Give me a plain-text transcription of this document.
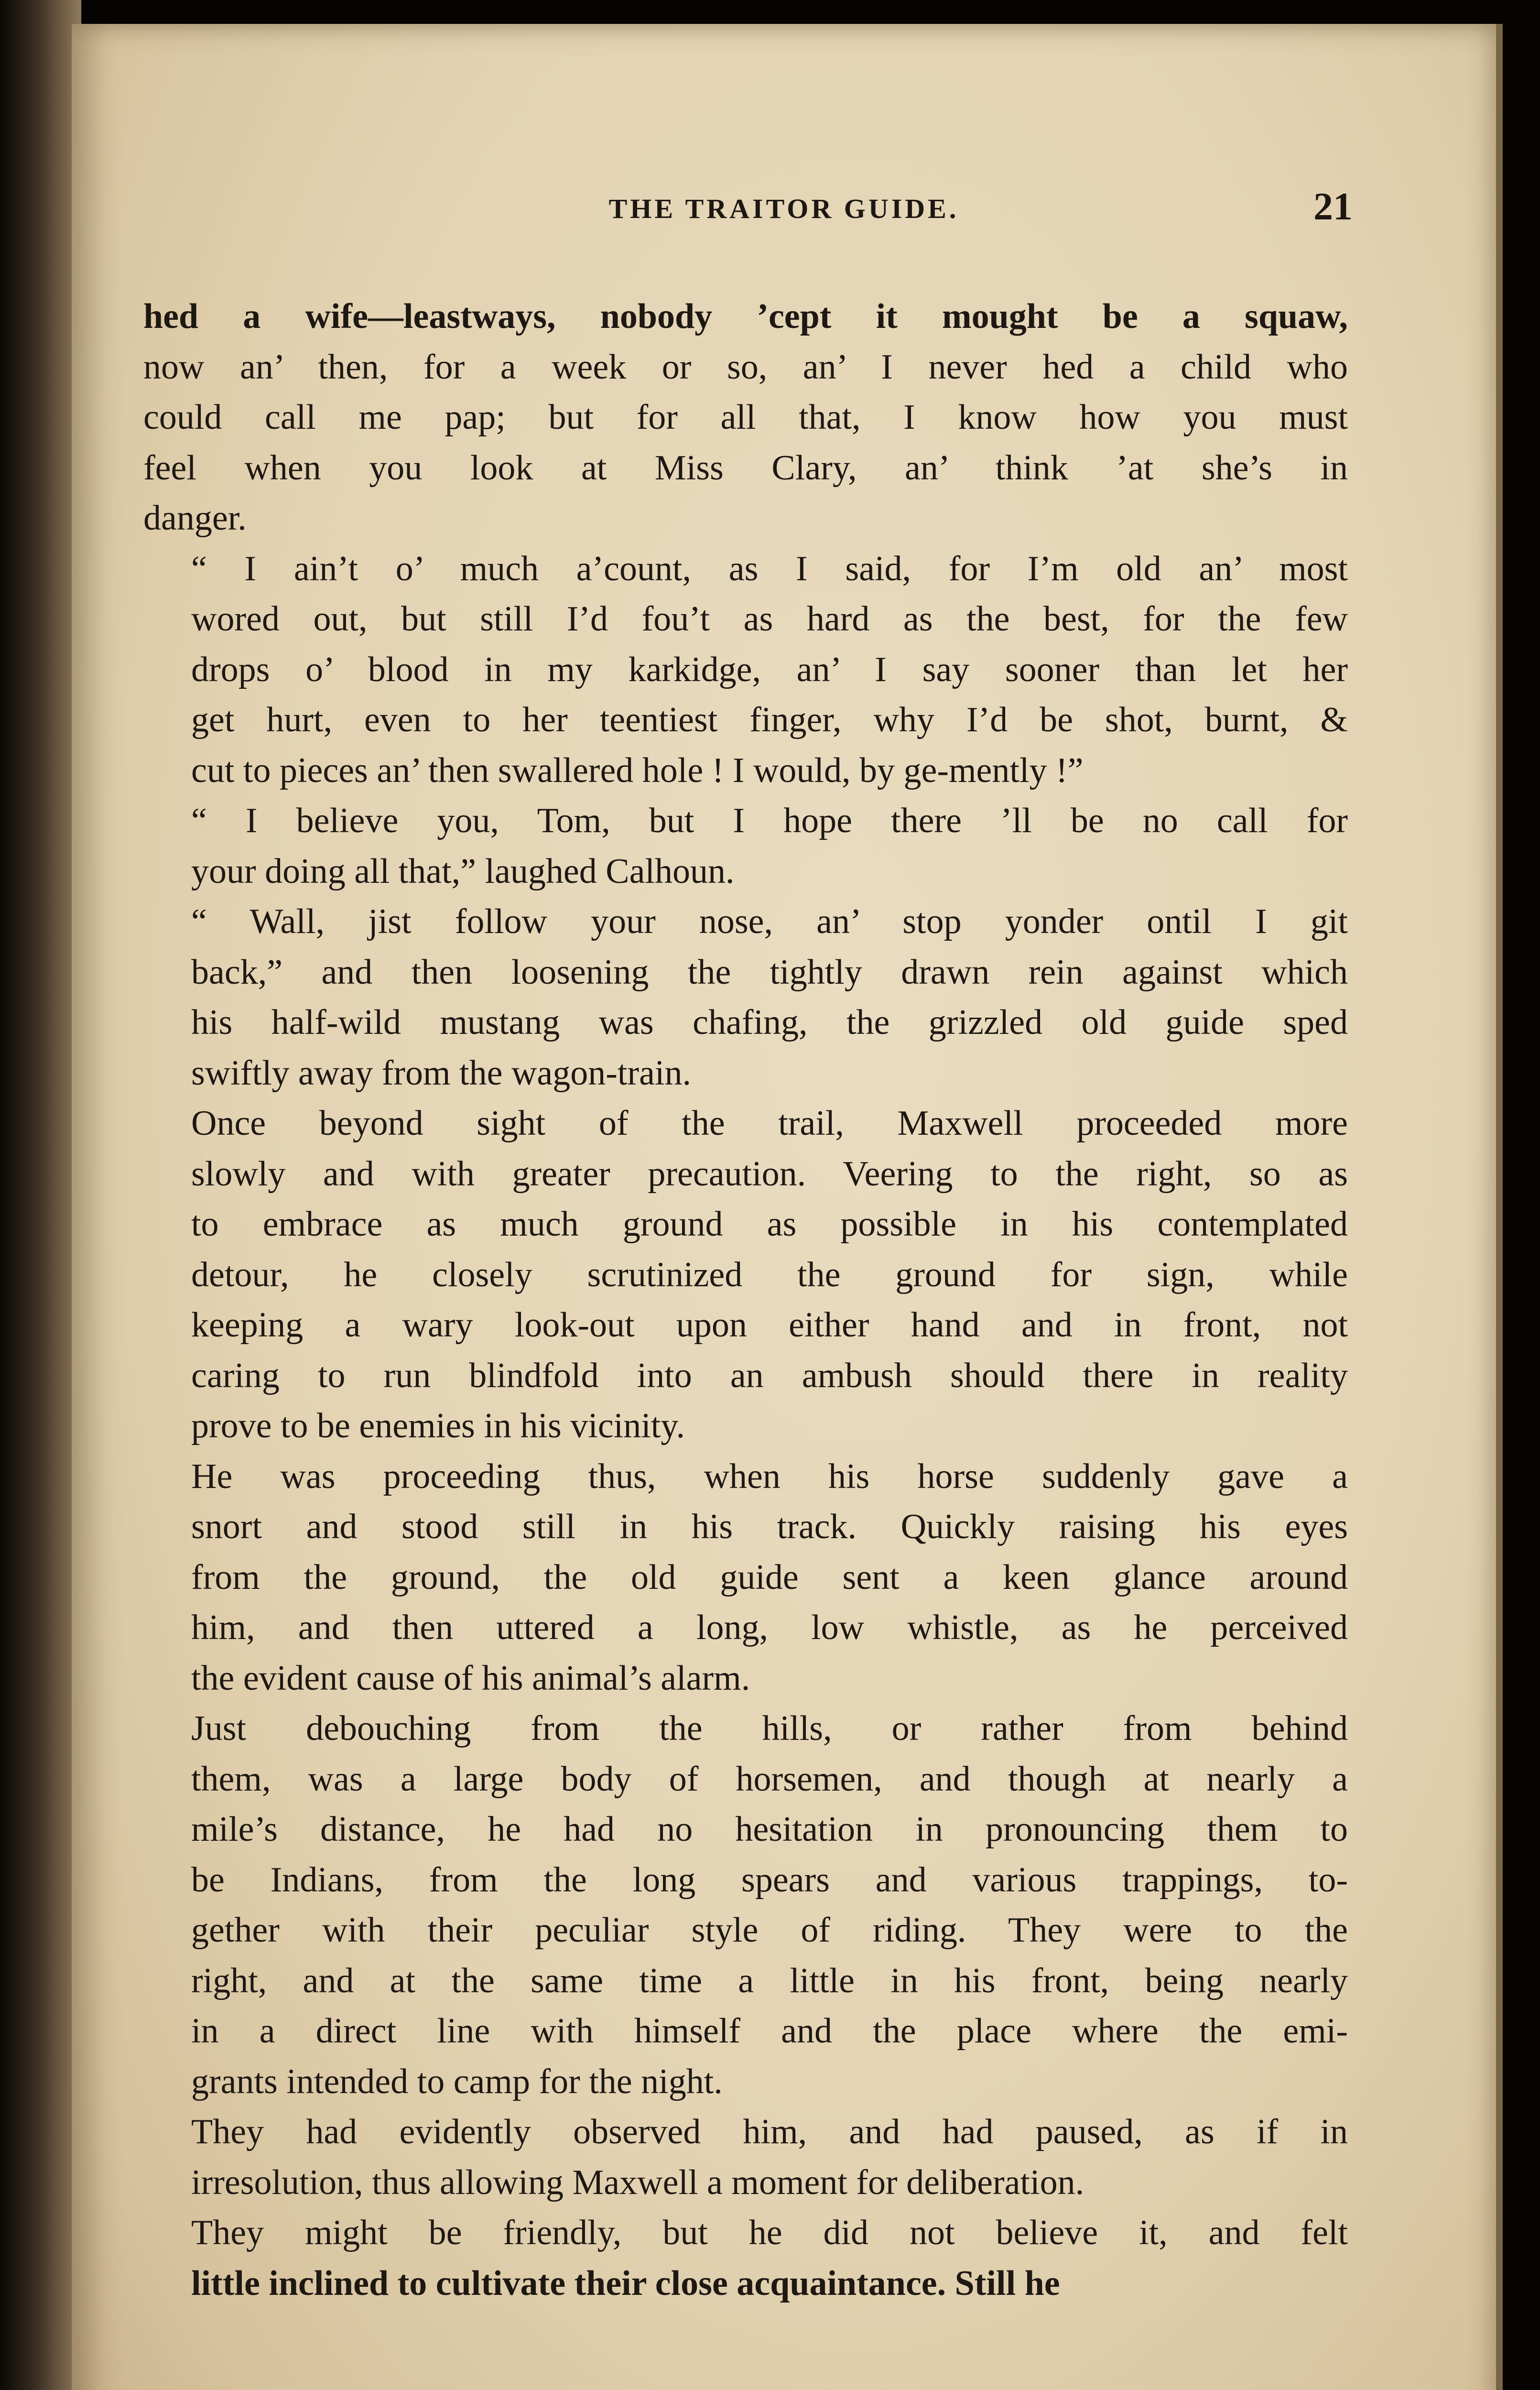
THE TRAITOR GUIDE.	21

hed a wife—leastways, nobody ’cept it mought be a squaw,
now an’ then, for a week or so, an’ I never hed a child who
could call me pap; but for all that, I know how you must
feel when you look at Miss Clary, an’ think ’at she’s in
danger.

“ I ain’t o’ much a’count, as I said, for I’m old an’ most
wored out, but still I’d fou’t as hard as the best, for the few
drops o’ blood in my karkidge, an’ I say sooner than let her
get hurt, even to her teentiest finger, why I’d be shot, burnt, &
cut to pieces an’ then swallered hole ! I would, by ge-mently !”

“ I believe you, Tom, but I hope there ’ll be no call for
your doing all that,” laughed Calhoun.

“ Wall, jist follow your nose, an’ stop yonder ontil I git
back,” and then loosening the tightly drawn rein against which
his half-wild mustang was chafing, the grizzled old guide sped
swiftly away from the wagon-train.

Once beyond sight of the trail, Maxwell proceeded more
slowly and with greater precaution. Veering to the right, so as
to embrace as much ground as possible in his contemplated
detour, he closely scrutinized the ground for sign, while
keeping a wary look-out upon either hand and in front, not
caring to run blindfold into an ambush should there in reality
prove to be enemies in his vicinity.

He was proceeding thus, when his horse suddenly gave a
snort and stood still in his track. Quickly raising his eyes
from the ground, the old guide sent a keen glance around
him, and then uttered a long, low whistle, as he perceived
the evident cause of his animal’s alarm.

Just debouching from the hills, or rather from behind
them, was a large body of horsemen, and though at nearly a
mile’s distance, he had no hesitation in pronouncing them to
be Indians, from the long spears and various trappings, to-
gether with their peculiar style of riding. They were to the
right, and at the same time a little in his front, being nearly
in a direct line with himself and the place where the emi-
grants intended to camp for the night.

They had evidently observed him, and had paused, as if in
irresolution, thus allowing Maxwell a moment for deliberation.

They might be friendly, but he did not believe it, and felt
little inclined to cultivate their close acquaintance. Still he
